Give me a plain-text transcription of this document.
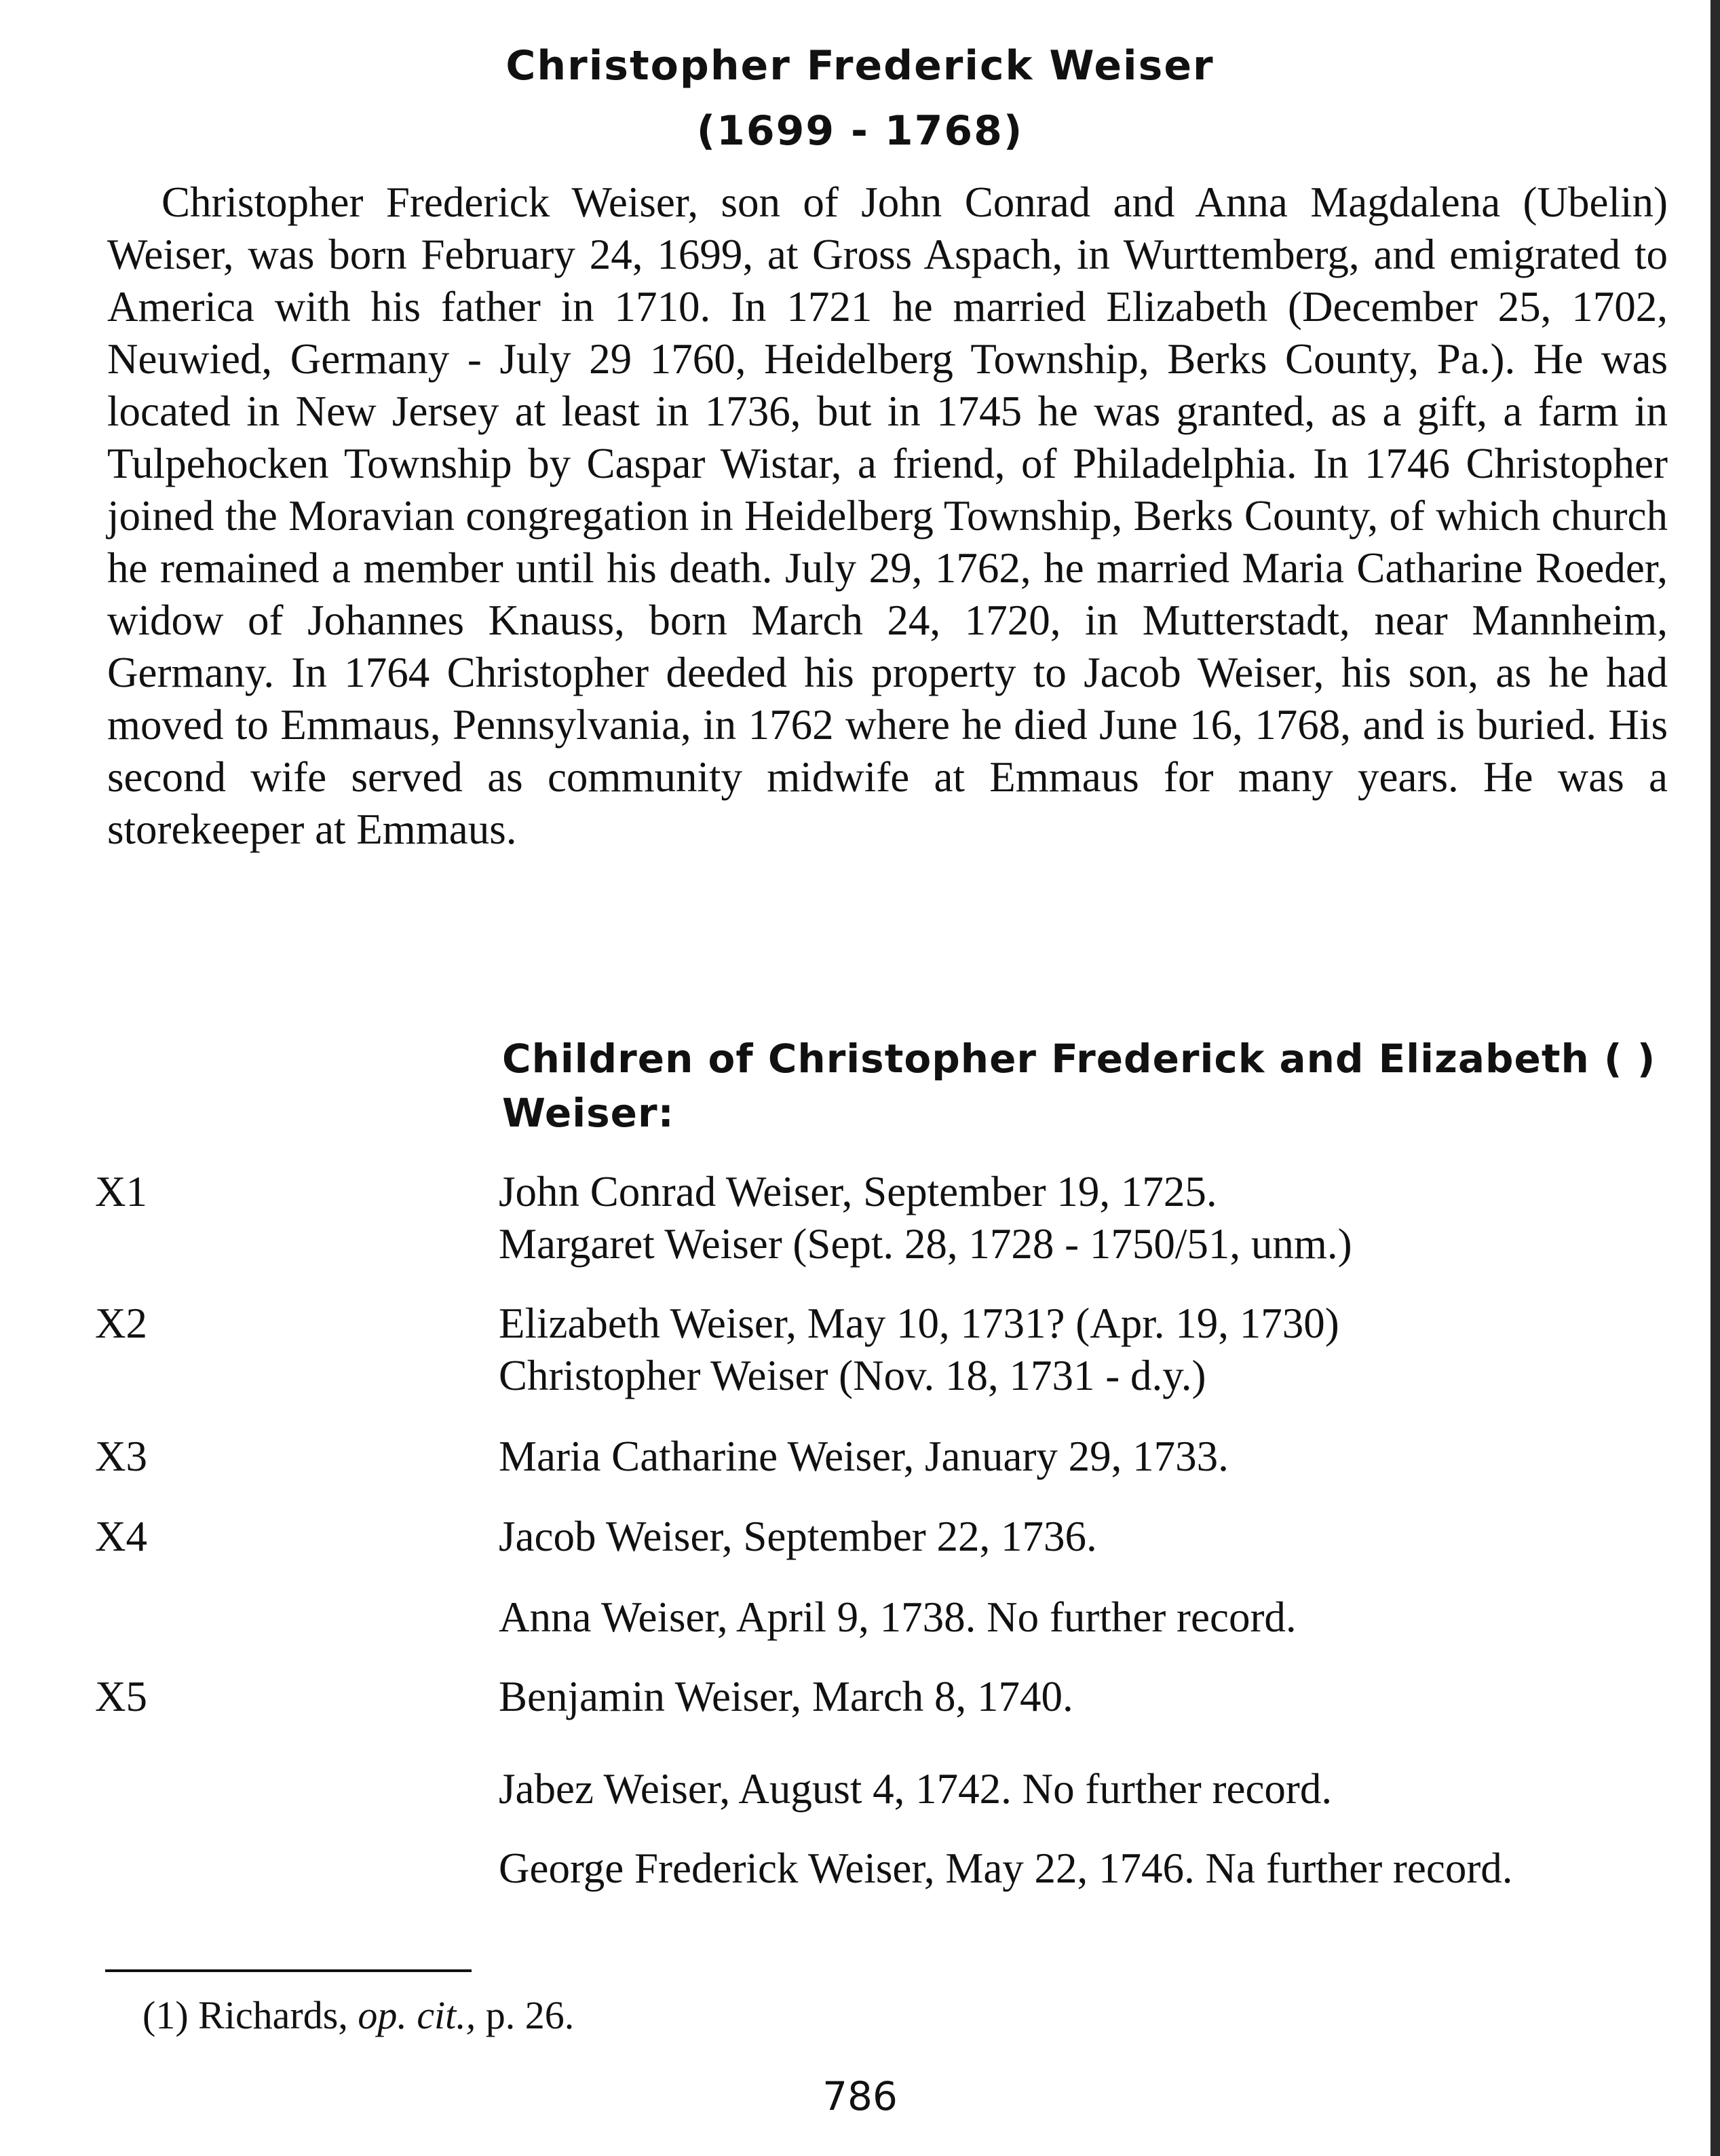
Christopher Frederick Weiser
(1699 - 1768)

Christopher Frederick Weiser, son of John Conrad and Anna Magdalena (Ubelin) Weiser, was born February 24, 1699, at Gross Aspach, in Wurttemberg, and emigrated to America with his father in 1710. In 1721 he married Elizabeth (December 25, 1702, Neuwied, Germany - July 29 1760, Heidelberg Township, Berks County, Pa.). He was located in New Jersey at least in 1736, but in 1745 he was granted, as a gift, a farm in Tulpehocken Township by Caspar Wistar, a friend, of Philadelphia. In 1746 Christopher joined the Moravian congregation in Heidelberg Township, Berks County, of which church he remained a member until his death. July 29, 1762, he married Maria Catharine Roeder, widow of Johannes Knauss, born March 24, 1720, in Mutterstadt, near Mannheim, Germany. In 1764 Christopher deeded his property to Jacob Weiser, his son, as he had moved to Emmaus, Pennsylvania, in 1762 where he died June 16, 1768, and is buried. His second wife served as community midwife at Emmaus for many years. He was a storekeeper at Emmaus.

Children of Christopher Frederick and Elizabeth ( ) Weiser:
X1	John Conrad Weiser, September 19, 1725.
Margaret Weiser (Sept. 28, 1728 - 1750/51, unm.)
X2	Elizabeth Weiser, May 10, 1731? (Apr. 19, 1730)
Christopher Weiser (Nov. 18, 1731 - d.y.)
X3	Maria Catharine Weiser, January 29, 1733.
X4	Jacob Weiser, September 22, 1736.
Anna Weiser, April 9, 1738. No further record.
X5	Benjamin Weiser, March 8, 1740.
Jabez Weiser, August 4, 1742. No further record.
George Frederick Weiser, May 22, 1746. Na further record.
(1) Richards, op. cit., p. 26.
786
